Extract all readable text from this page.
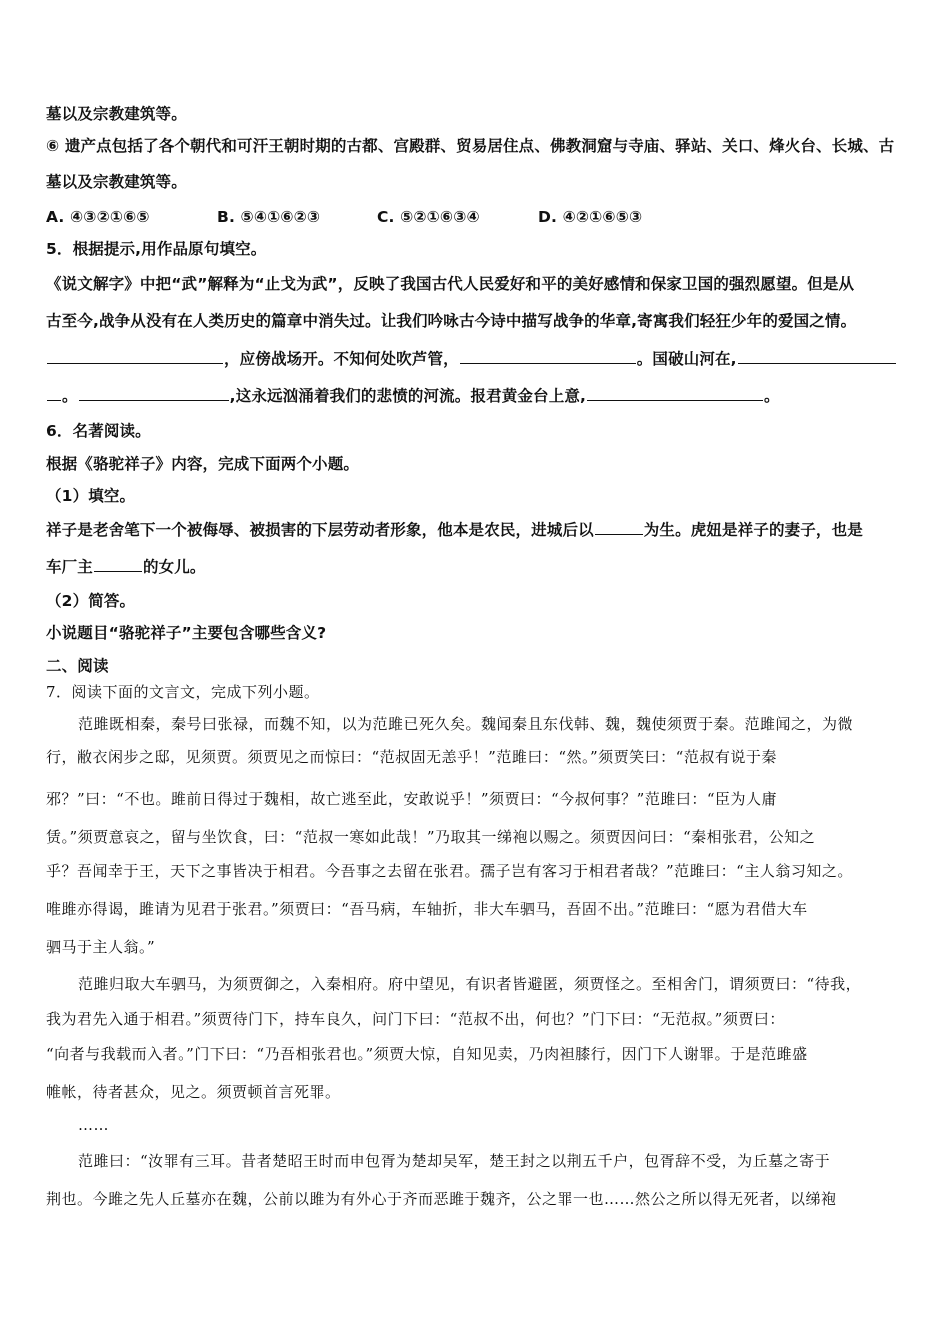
墓以及宗教建筑等。
⑥ 遗产点包括了各个朝代和可汗王朝时期的古都、宫殿群、贸易居住点、佛教洞窟与寺庙、驿站、关口、烽火台、长城、古
墓以及宗教建筑等。
A. ④③②①⑥⑤	B. ⑤④①⑥②③	C. ⑤②①⑥③④	D. ④②①⑥⑤③
5．根据提示,用作品原句填空。
《说文解字》中把“武”解释为“止戈为武”，反映了我国古代人民爱好和平的美好感情和保家卫国的强烈愿望。但是从
古至今,战争从没有在人类历史的篇章中消失过。让我们吟咏古今诗中描写战争的华章,寄寓我们轻狂少年的爱国之情。
，应傍战场开。不知何处吹芦管，	。国破山河在,
。	,这永远汹涌着我们的悲愤的河流。报君黄金台上意,	。
6．名著阅读。
根据《骆驼祥子》内容，完成下面两个小题。
（1）填空。
祥子是老舍笔下一个被侮辱、被损害的下层劳动者形象，他本是农民，进城后以	为生。虎妞是祥子的妻子，也是
车厂主	的女儿。
（2）简答。
小说题目“骆驼祥子”主要包含哪些含义?
二、阅读
7．阅读下面的文言文，完成下列小题。
范雎既相秦，秦号曰张禄，而魏不知，以为范雎已死久矣。魏闻秦且东伐韩、魏，魏使须贾于秦。范雎闻之，为微
行，敝衣闲步之邸，见须贾。须贾见之而惊曰：“范叔固无恙乎！”范雎曰：“然。”须贾笑曰：“范叔有说于秦
邪？”曰：“不也。雎前日得过于魏相，故亡逃至此，安敢说乎！”须贾曰：“今叔何事？”范雎曰：“臣为人庸
赁。”须贾意哀之，留与坐饮食，曰：“范叔一寒如此哉！”乃取其一绨袍以赐之。须贾因问曰：“秦相张君，公知之
乎？吾闻幸于王，天下之事皆决于相君。今吾事之去留在张君。孺子岂有客习于相君者哉？”范雎曰：“主人翁习知之。
唯雎亦得谒，雎请为见君于张君。”须贾曰：“吾马病，车轴折，非大车驷马，吾固不出。”范雎曰：“愿为君借大车
驷马于主人翁。”
范雎归取大车驷马，为须贾御之，入秦相府。府中望见，有识者皆避匿，须贾怪之。至相舍门，谓须贾曰：“待我，
我为君先入通于相君。”须贾待门下，持车良久，问门下曰：“范叔不出，何也？”门下曰：“无范叔。”须贾曰：
“向者与我载而入者。”门下曰：“乃吾相张君也。”须贾大惊，自知见卖，乃肉袒膝行，因门下人谢罪。于是范雎盛
帷帐，待者甚众，见之。须贾顿首言死罪。
……
范雎曰：“汝罪有三耳。昔者楚昭王时而申包胥为楚却吴军，楚王封之以荆五千户，包胥辞不受，为丘墓之寄于
荆也。今雎之先人丘墓亦在魏，公前以雎为有外心于齐而恶雎于魏齐，公之罪一也……然公之所以得无死者，以绨袍
